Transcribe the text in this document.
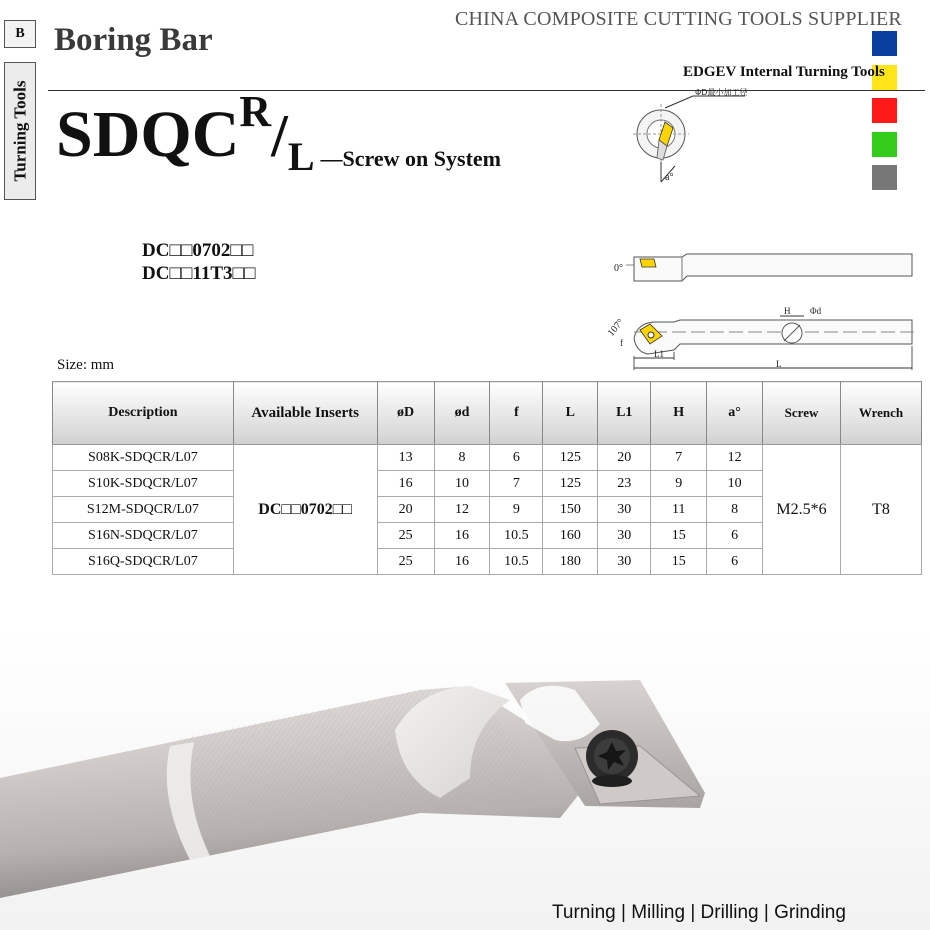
B
Turning Tools
Boring Bar
CHINA COMPOSITE CUTTING TOOLS SUPPLIER
EDGEV Internal Turning Tools
$SDQC^R/_L$ —Screw on System
DC□□0702□□
DC□□11T3□□
ΦD最小加工径
a°
0°
107°
f
H Φd
L1
L
Size: mm
Description	Available Inserts	øD	ød	f	L	L1	H	a°	Screw	Wrench
S08K-SDQCR/L07	DC□□0702□□	13	8	6	125	20	7	12	M2.5*6	T8
S10K-SDQCR/L07		16	10	7	125	23	9	10		
S12M-SDQCR/L07		20	12	9	150	30	11	8		
S16N-SDQCR/L07		25	16	10.5	160	30	15	6		
S16Q-SDQCR/L07		25	16	10.5	180	30	15	6		
Turning | Milling | Drilling | Grinding
